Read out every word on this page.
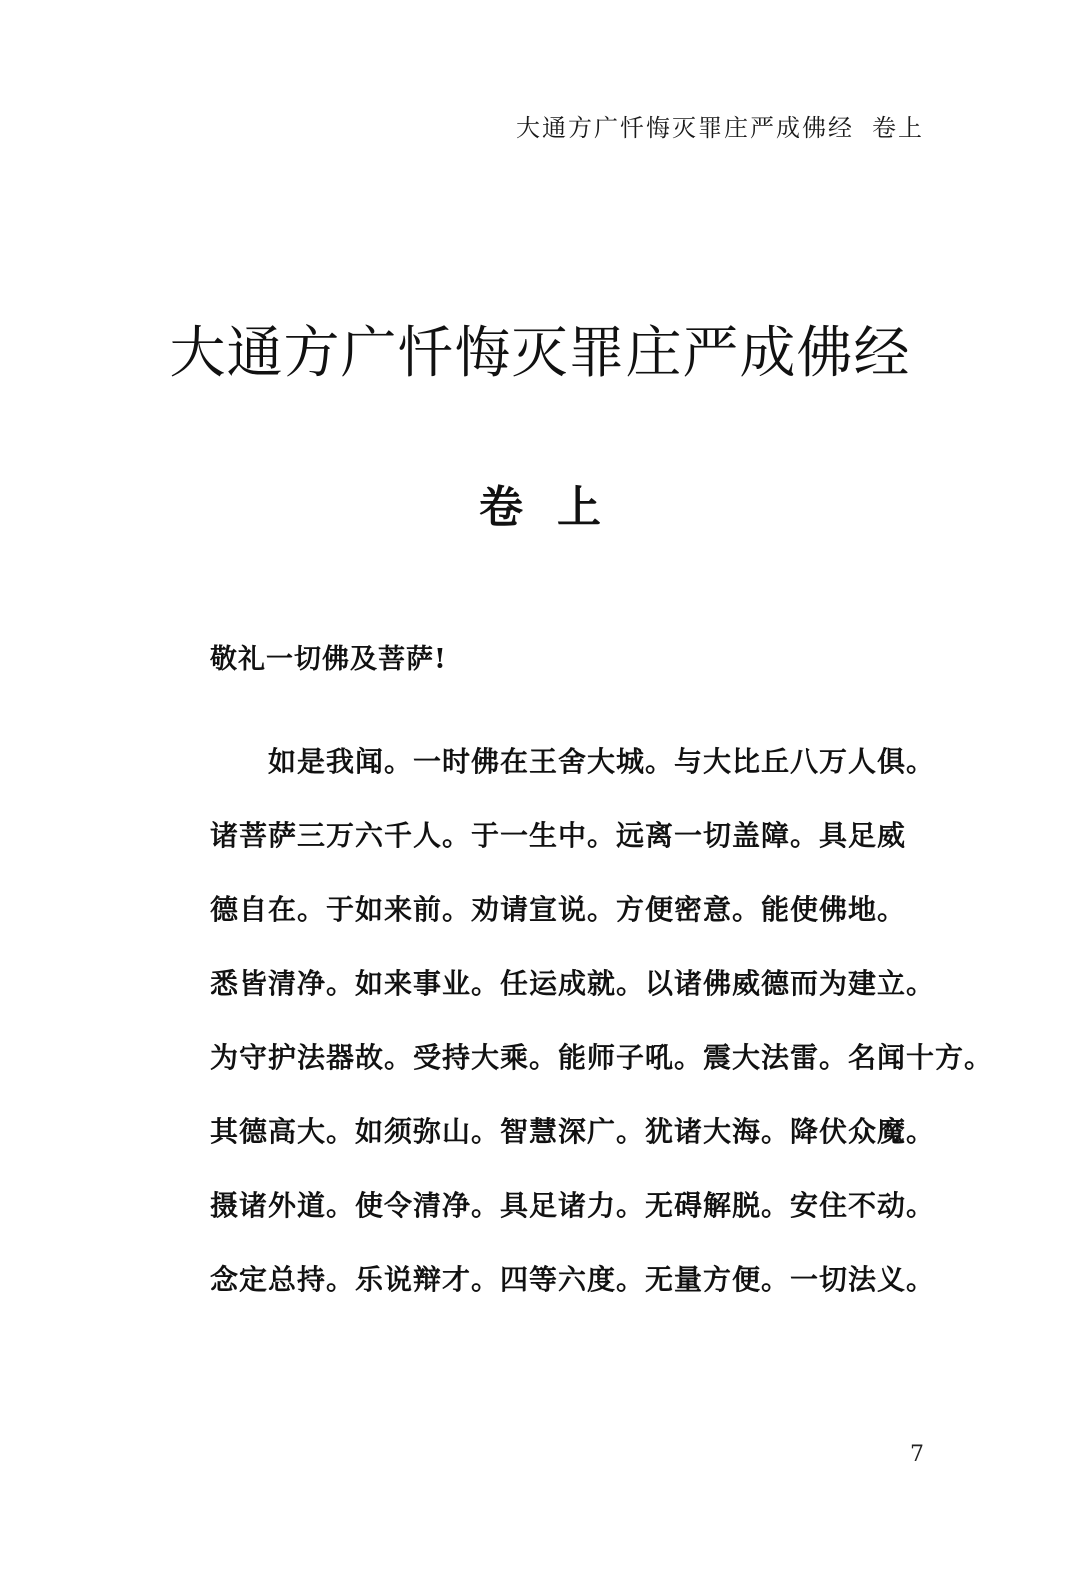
大通方广忏悔灭罪庄严成佛经 卷上
大通方广忏悔灭罪庄严成佛经
卷上
敬礼一切佛及菩萨!
如是我闻。一时佛在王舍大城。与大比丘八万人俱。
诸菩萨三万六千人。于一生中。远离一切盖障。具足威
德自在。于如来前。劝请宣说。方便密意。能使佛地。
悉皆清净。如来事业。任运成就。以诸佛威德而为建立。
为守护法器故。受持大乘。能师子吼。震大法雷。名闻十方。
其德高大。如须弥山。智慧深广。犹诸大海。降伏众魔。
摄诸外道。使令清净。具足诸力。无碍解脱。安住不动。
念定总持。乐说辩才。四等六度。无量方便。一切法义。
7
